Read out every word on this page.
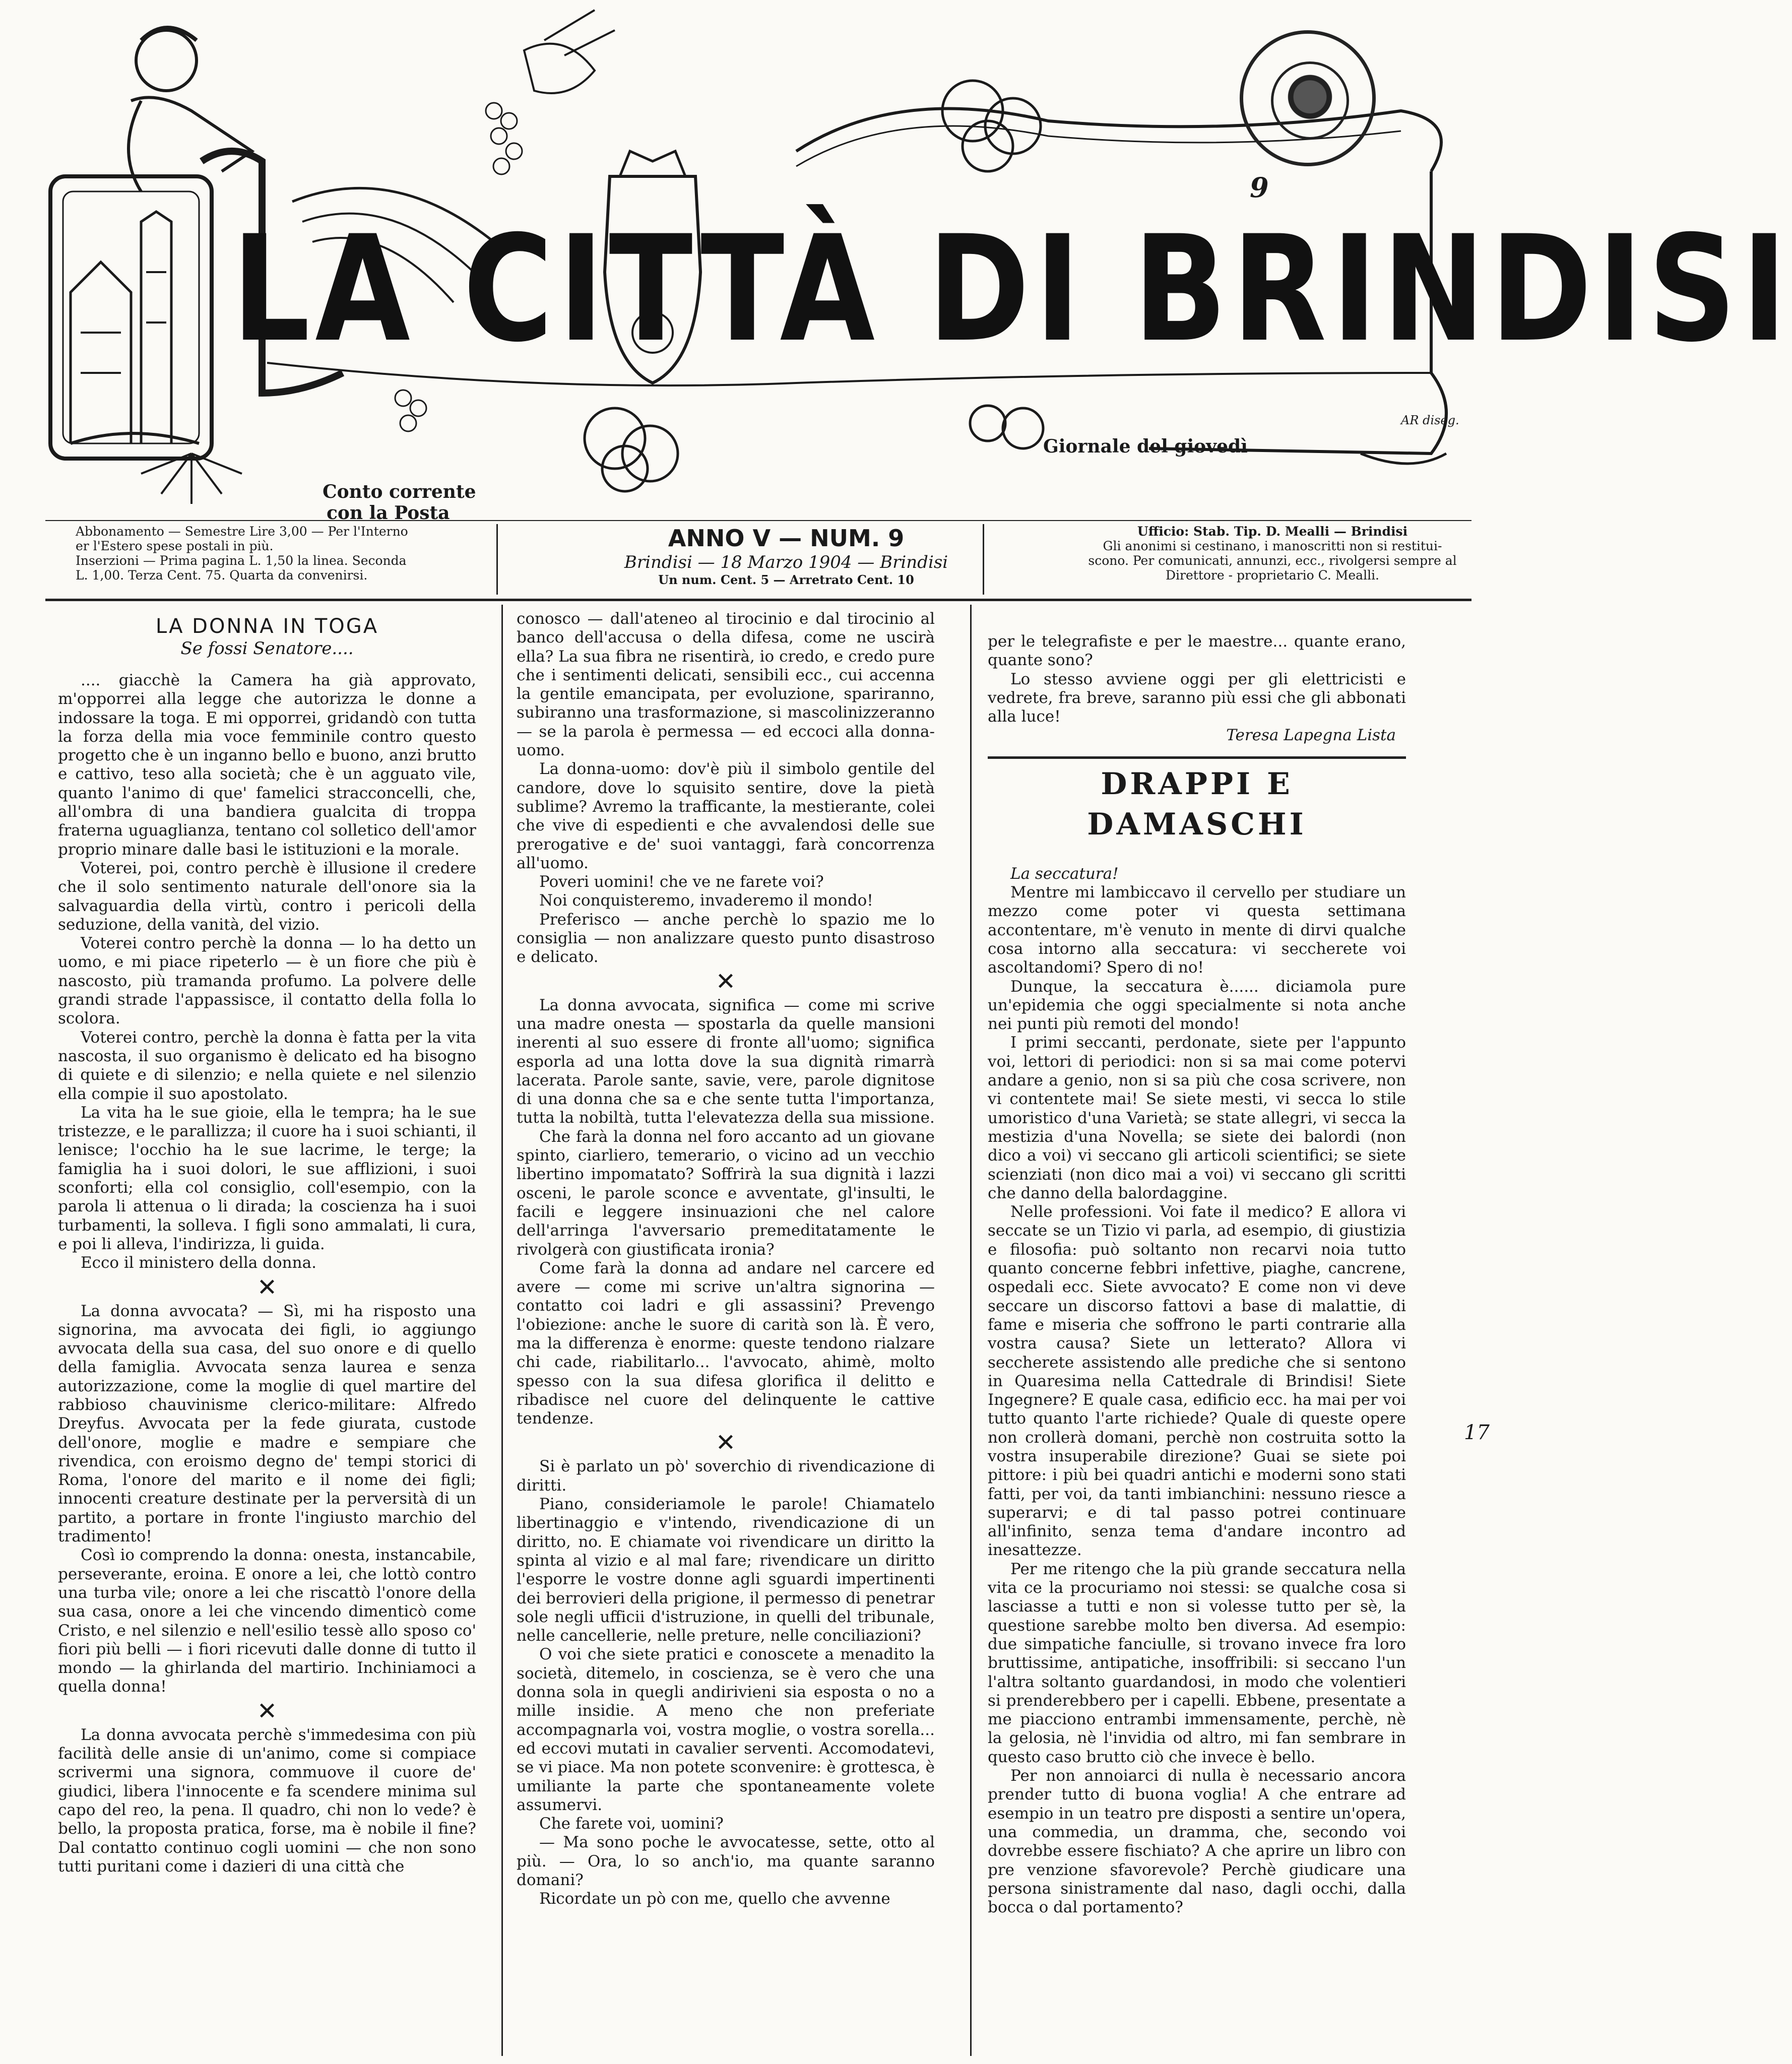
9
LA CITTÀ DI BRINDISI
Giornale del giovedì
AR diseg.
Conto corrente
con la Posta
Abbonamento — Semestre Lire 3,00 — Per l'Interno
er l'Estero spese postali in più.
Inserzioni — Prima pagina L. 1,50 la linea. Seconda
L. 1,00. Terza Cent. 75. Quarta da convenirsi.
ANNO V — NUM. 9
Brindisi — 18 Marzo 1904 — Brindisi
Un num. Cent. 5 — Arretrato Cent. 10
Ufficio: Stab. Tip. D. Mealli — Brindisi
Gli anonimi si cestinano, i manoscritti non si restitui-
scono. Per comunicati, annunzi, ecc., rivolgersi sempre al
Direttore - proprietario C. Mealli.
LA DONNA IN TOGA
Se fossi Senatore....

.... giacchè la Camera ha già approvato, m'opporrei alla legge che autorizza le donne a indossare la toga. E mi opporrei, gridandò con tutta la forza della mia voce femminile contro questo progetto che è un inganno bello e buono, anzi brutto e cattivo, teso alla società; che è un agguato vile, quanto l'animo di que' famelici stracconcelli, che, all'ombra di una bandiera gualcita di troppa fraterna uguaglianza, tentano col solletico dell'amor proprio minare dalle basi le istituzioni e la morale.

Voterei, poi, contro perchè è illusione il credere che il solo sentimento naturale dell'onore sia la salvaguardia della virtù, contro i pericoli della seduzione, della vanità, del vizio.

Voterei contro perchè la donna — lo ha detto un uomo, e mi piace ripeterlo — è un fiore che più è nascosto, più tramanda profumo. La polvere delle grandi strade l'appassisce, il contatto della folla lo scolora.

Voterei contro, perchè la donna è fatta per la vita nascosta, il suo organismo è delicato ed ha bisogno di quiete e di silenzio; e nella quiete e nel silenzio ella compie il suo apostolato.

La vita ha le sue gioie, ella le tempra; ha le sue tristezze, e le parallizza; il cuore ha i suoi schianti, il lenisce; l'occhio ha le sue lacrime, le terge; la famiglia ha i suoi dolori, le sue afflizioni, i suoi sconforti; ella col consiglio, coll'esempio, con la parola li attenua o li dirada; la coscienza ha i suoi turbamenti, la solleva. I figli sono ammalati, li cura, e poi li alleva, l'indirizza, li guida.

Ecco il ministero della donna.

✕

La donna avvocata? — Sì, mi ha risposto una signorina, ma avvocata dei figli, io aggiungo avvocata della sua casa, del suo onore e di quello della famiglia. Avvocata senza laurea e senza autorizzazione, come la moglie di quel martire del rabbioso chauvinisme clerico-militare: Alfredo Dreyfus. Avvocata per la fede giurata, custode dell'onore, moglie e madre e sempiare che rivendica, con eroismo degno de' tempi storici di Roma, l'onore del marito e il nome dei figli; innocenti creature destinate per la perversità di un partito, a portare in fronte l'ingiusto marchio del tradimento!

Così io comprendo la donna: onesta, instancabile, perseverante, eroina. E onore a lei, che lottò contro una turba vile; onore a lei che riscattò l'onore della sua casa, onore a lei che vincendo dimenticò come Cristo, e nel silenzio e nell'esilio tessè allo sposo co' fiori più belli — i fiori ricevuti dalle donne di tutto il mondo — la ghirlanda del martirio. Inchiniamoci a quella donna!

✕

La donna avvocata perchè s'immedesima con più facilità delle ansie di un'animo, come si compiace scrivermi una signora, commuove il cuore de' giudici, libera l'innocente e fa scendere minima sul capo del reo, la pena. Il quadro, chi non lo vede? è bello, la proposta pratica, forse, ma è nobile il fine? Dal contatto continuo cogli uomini — che non sono tutti puritani come i dazieri di una città che

conosco — dall'ateneo al tirocinio e dal tirocinio al banco dell'accusa o della difesa, come ne uscirà ella? La sua fibra ne risentirà, io credo, e credo pure che i sentimenti delicati, sensibili ecc., cui accenna la gentile emancipata, per evoluzione, spariranno, subiranno una trasformazione, si mascolinizzeranno — se la parola è permessa — ed eccoci alla donna-uomo.

La donna-uomo: dov'è più il simbolo gentile del candore, dove lo squisito sentire, dove la pietà sublime? Avremo la trafficante, la mestierante, colei che vive di espedienti e che avvalendosi delle sue prerogative e de' suoi vantaggi, farà concorrenza all'uomo.

Poveri uomini! che ve ne farete voi?

Noi conquisteremo, invaderemo il mondo!

Preferisco — anche perchè lo spazio me lo consiglia — non analizzare questo punto disastroso e delicato.

✕

La donna avvocata, significa — come mi scrive una madre onesta — spostarla da quelle mansioni inerenti al suo essere di fronte all'uomo; significa esporla ad una lotta dove la sua dignità rimarrà lacerata. Parole sante, savie, vere, parole dignitose di una donna che sa e che sente tutta l'importanza, tutta la nobiltà, tutta l'elevatezza della sua missione.

Che farà la donna nel foro accanto ad un giovane spinto, ciarliero, temerario, o vicino ad un vecchio libertino impomatato? Soffrirà la sua dignità i lazzi osceni, le parole sconce e avventate, gl'insulti, le facili e leggere insinuazioni che nel calore dell'arringa l'avversario premeditatamente le rivolgerà con giustificata ironia?

Come farà la donna ad andare nel carcere ed avere — come mi scrive un'altra signorina — contatto coi ladri e gli assassini? Prevengo l'obiezione: anche le suore di carità son là. È vero, ma la differenza è enorme: queste tendono rialzare chi cade, riabilitarlo... l'avvocato, ahimè, molto spesso con la sua difesa glorifica il delitto e ribadisce nel cuore del delinquente le cattive tendenze.

✕

Si è parlato un pò' soverchio di rivendicazione di diritti.

Piano, consideriamole le parole! Chiamatelo libertinaggio e v'intendo, rivendicazione di un diritto, no. E chiamate voi rivendicare un diritto la spinta al vizio e al mal fare; rivendicare un diritto l'esporre le vostre donne agli sguardi impertinenti dei berrovieri della prigione, il permesso di penetrar sole negli ufficii d'istruzione, in quelli del tribunale, nelle cancellerie, nelle preture, nelle conciliazioni?

O voi che siete pratici e conoscete a menadito la società, ditemelo, in coscienza, se è vero che una donna sola in quegli andirivieni sia esposta o no a mille insidie. A meno che non preferiate accompagnarla voi, vostra moglie, o vostra sorella... ed eccovi mutati in cavalier serventi. Accomodatevi, se vi piace. Ma non potete sconvenire: è grottesca, è umiliante la parte che spontaneamente volete assumervi.

Che farete voi, uomini?

— Ma sono poche le avvocatesse, sette, otto al più. — Ora, lo so anch'io, ma quante saranno domani?

Ricordate un pò con me, quello che avvenne

per le telegrafiste e per le maestre... quante erano, quante sono?

Lo stesso avviene oggi per gli elettricisti e vedrete, fra breve, saranno più essi che gli abbonati alla luce!

Teresa Lapegna Lista
DRAPPI E DAMASCHI

La seccatura!

Mentre mi lambiccavo il cervello per studiare un mezzo come poter vi questa settimana accontentare, m'è venuto in mente di dirvi qualche cosa intorno alla seccatura: vi seccherete voi ascoltandomi? Spero di no!

Dunque, la seccatura è...... diciamola pure un'epidemia che oggi specialmente si nota anche nei punti più remoti del mondo!

I primi seccanti, perdonate, siete per l'appunto voi, lettori di periodici: non si sa mai come potervi andare a genio, non si sa più che cosa scrivere, non vi contentete mai! Se siete mesti, vi secca lo stile umoristico d'una Varietà; se state allegri, vi secca la mestizia d'una Novella; se siete dei balordi (non dico a voi) vi seccano gli articoli scientifici; se siete scienziati (non dico mai a voi) vi seccano gli scritti che danno della balordaggine.

Nelle professioni. Voi fate il medico? E allora vi seccate se un Tizio vi parla, ad esempio, di giustizia e filosofia: può soltanto non recarvi noia tutto quanto concerne febbri infettive, piaghe, cancrene, ospedali ecc. Siete avvocato? E come non vi deve seccare un discorso fattovi a base di malattie, di fame e miseria che soffrono le parti contrarie alla vostra causa? Siete un letterato? Allora vi seccherete assistendo alle prediche che si sentono in Quaresima nella Cattedrale di Brindisi! Siete Ingegnere? E quale casa, edificio ecc. ha mai per voi tutto quanto l'arte richiede? Quale di queste opere non crollerà domani, perchè non costruita sotto la vostra insuperabile direzione? Guai se siete poi pittore: i più bei quadri antichi e moderni sono stati fatti, per voi, da tanti imbianchini: nessuno riesce a superarvi; e di tal passo potrei continuare all'infinito, senza tema d'andare incontro ad inesattezze.

Per me ritengo che la più grande seccatura nella vita ce la procuriamo noi stessi: se qualche cosa si lasciasse a tutti e non si volesse tutto per sè, la questione sarebbe molto ben diversa. Ad esempio: due simpatiche fanciulle, si trovano invece fra loro bruttissime, antipatiche, insoffribili: si seccano l'un l'altra soltanto guardandosi, in modo che volentieri si prenderebbero per i capelli. Ebbene, presentate a me piacciono entrambi immensamente, perchè, nè la gelosia, nè l'invidia od altro, mi fan sembrare in questo caso brutto ciò che invece è bello.

Per non annoiarci di nulla è necessario ancora prender tutto di buona voglia! A che entrare ad esempio in un teatro pre disposti a sentire un'opera, una commedia, un dramma, che, secondo voi dovrebbe essere fischiato? A che aprire un libro con pre venzione sfavorevole? Perchè giudicare una persona sinistramente dal naso, dagli occhi, dalla bocca o dal portamento?

17
